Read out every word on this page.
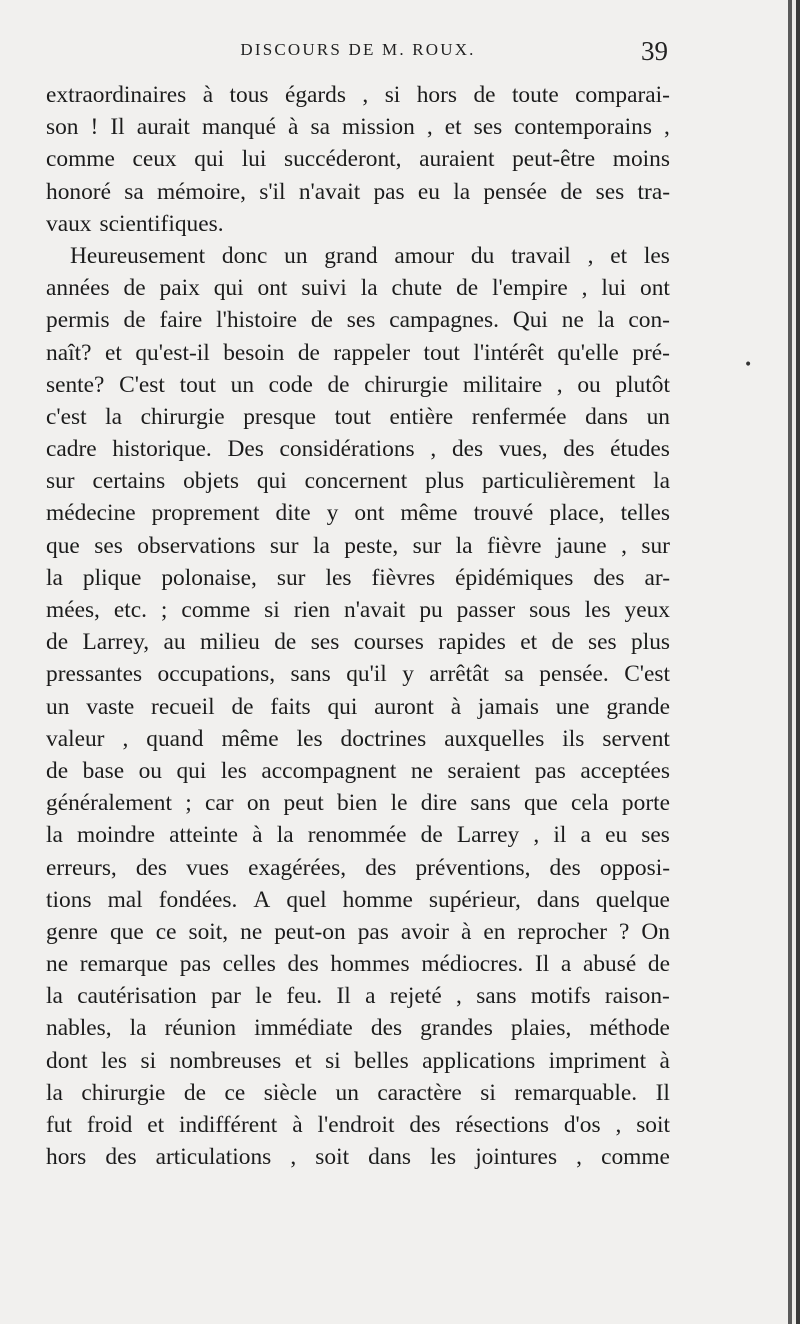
DISCOURS DE M. ROUX.	39
extraordinaires à tous égards , si hors de toute comparai-
son ! Il aurait manqué à sa mission , et ses contemporains ,
comme ceux qui lui succéderont, auraient peut-être moins
honoré sa mémoire, s'il n'avait pas eu la pensée de ses tra-
vaux scientifiques.
Heureusement donc un grand amour du travail , et les
années de paix qui ont suivi la chute de l'empire , lui ont
permis de faire l'histoire de ses campagnes. Qui ne la con-
naît? et qu'est-il besoin de rappeler tout l'intérêt qu'elle pré-
sente? C'est tout un code de chirurgie militaire , ou plutôt
c'est la chirurgie presque tout entière renfermée dans un
cadre historique. Des considérations , des vues, des études
sur certains objets qui concernent plus particulièrement la
médecine proprement dite y ont même trouvé place, telles
que ses observations sur la peste, sur la fièvre jaune , sur
la plique polonaise, sur les fièvres épidémiques des ar-
mées, etc. ; comme si rien n'avait pu passer sous les yeux
de Larrey, au milieu de ses courses rapides et de ses plus
pressantes occupations, sans qu'il y arrêtât sa pensée. C'est
un vaste recueil de faits qui auront à jamais une grande
valeur , quand même les doctrines auxquelles ils servent
de base ou qui les accompagnent ne seraient pas acceptées
généralement ; car on peut bien le dire sans que cela porte
la moindre atteinte à la renommée de Larrey , il a eu ses
erreurs, des vues exagérées, des préventions, des opposi-
tions mal fondées. A quel homme supérieur, dans quelque
genre que ce soit, ne peut-on pas avoir à en reprocher ? On
ne remarque pas celles des hommes médiocres. Il a abusé de
la cautérisation par le feu. Il a rejeté , sans motifs raison-
nables, la réunion immédiate des grandes plaies, méthode
dont les si nombreuses et si belles applications impriment à
la chirurgie de ce siècle un caractère si remarquable. Il
fut froid et indifférent à l'endroit des résections d'os , soit
hors des articulations , soit dans les jointures , comme
•
